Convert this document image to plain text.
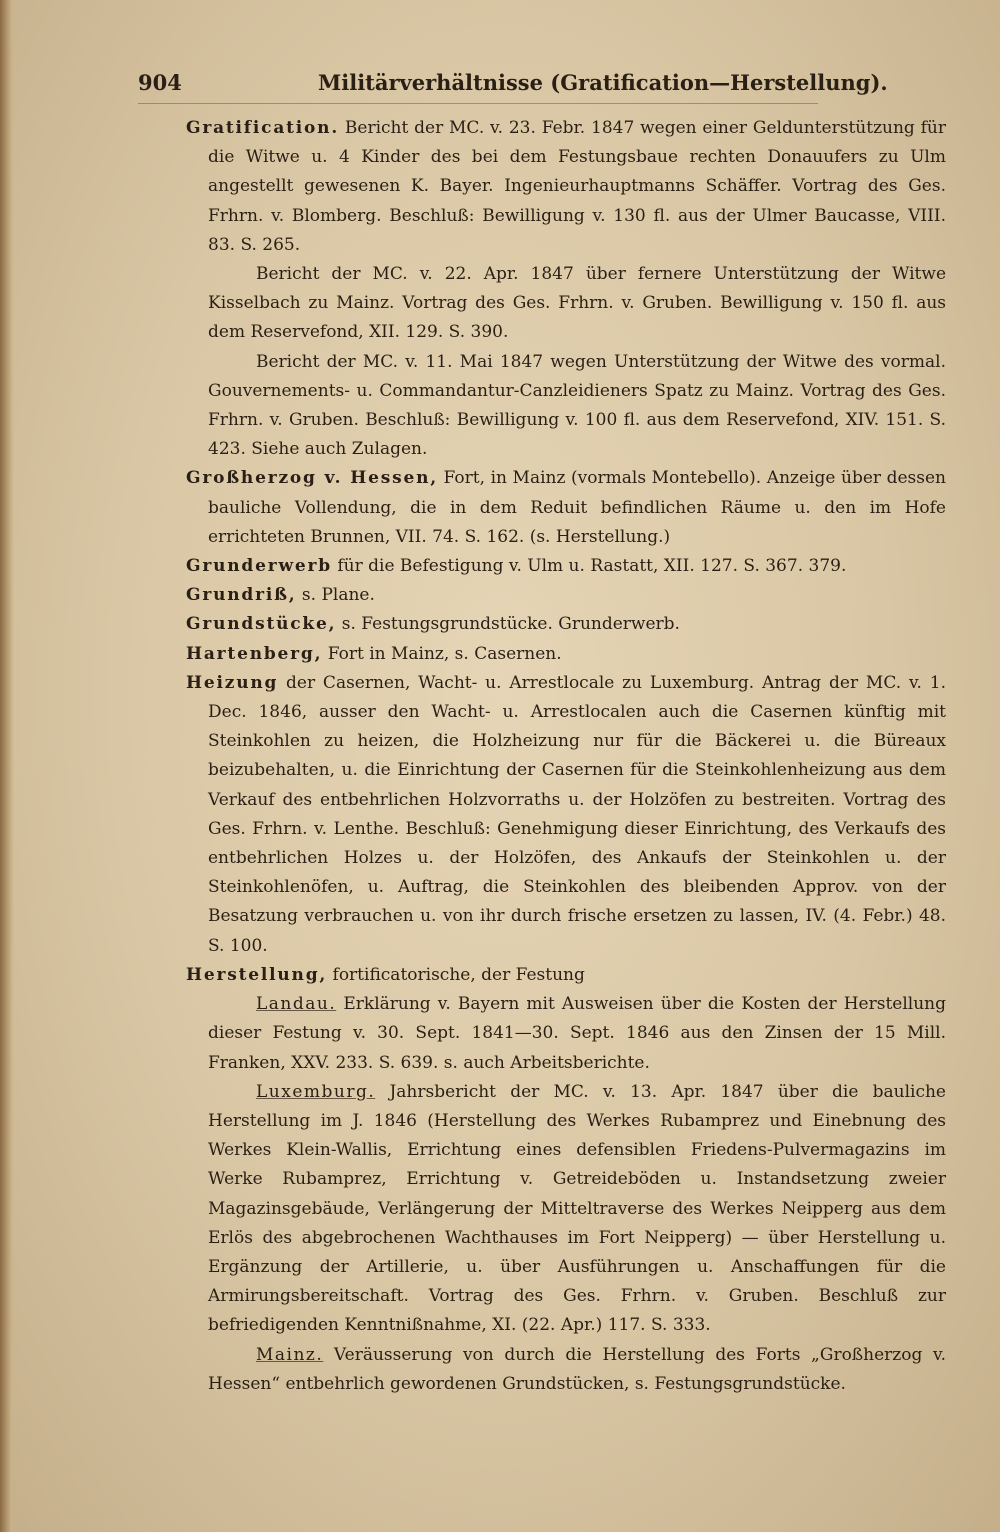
904	Militärverhältnisse (Gratification—Herstellung).

Gratification. Bericht der MC. v. 23. Febr. 1847 wegen einer Geldunterstützung für die Witwe u. 4 Kinder des bei dem Festungsbaue rechten Donauufers zu Ulm angestellt gewesenen K. Bayer. Ingenieurhauptmanns Schäffer. Vortrag des Ges. Frhrn. v. Blomberg. Beschluß: Bewilligung v. 130 fl. aus der Ulmer Baucasse, VIII. 83. S. 265.

Bericht der MC. v. 22. Apr. 1847 über fernere Unterstützung der Witwe Kisselbach zu Mainz. Vortrag des Ges. Frhrn. v. Gruben. Bewilligung v. 150 fl. aus dem Reservefond, XII. 129. S. 390.

Bericht der MC. v. 11. Mai 1847 wegen Unterstützung der Witwe des vormal. Gouvernements- u. Commandantur-Canzleidieners Spatz zu Mainz. Vortrag des Ges. Frhrn. v. Gruben. Beschluß: Bewilligung v. 100 fl. aus dem Reservefond, XIV. 151. S. 423. Siehe auch Zulagen.

Großherzog v. Hessen, Fort, in Mainz (vormals Montebello). Anzeige über dessen bauliche Vollendung, die in dem Reduit befindlichen Räume u. den im Hofe errichteten Brunnen, VII. 74. S. 162. (s. Herstellung.)

Grunderwerb für die Befestigung v. Ulm u. Rastatt, XII. 127. S. 367. 379.

Grundriß, s. Plane.

Grundstücke, s. Festungsgrundstücke. Grunderwerb.

Hartenberg, Fort in Mainz, s. Casernen.

Heizung der Casernen, Wacht- u. Arrestlocale zu Luxemburg. Antrag der MC. v. 1. Dec. 1846, ausser den Wacht- u. Arrestlocalen auch die Casernen künftig mit Steinkohlen zu heizen, die Holzheizung nur für die Bäckerei u. die Büreaux beizubehalten, u. die Einrichtung der Casernen für die Steinkohlenheizung aus dem Verkauf des entbehrlichen Holzvorraths u. der Holzöfen zu bestreiten. Vortrag des Ges. Frhrn. v. Lenthe. Beschluß: Genehmigung dieser Einrichtung, des Verkaufs des entbehrlichen Holzes u. der Holzöfen, des Ankaufs der Steinkohlen u. der Steinkohlenöfen, u. Auftrag, die Steinkohlen des bleibenden Approv. von der Besatzung verbrauchen u. von ihr durch frische ersetzen zu lassen, IV. (4. Febr.) 48. S. 100.

Herstellung, fortificatorische, der Festung

Landau. Erklärung v. Bayern mit Ausweisen über die Kosten der Herstellung dieser Festung v. 30. Sept. 1841—30. Sept. 1846 aus den Zinsen der 15 Mill. Franken, XXV. 233. S. 639. s. auch Arbeitsberichte.

Luxemburg. Jahrsbericht der MC. v. 13. Apr. 1847 über die bauliche Herstellung im J. 1846 (Herstellung des Werkes Rubamprez und Einebnung des Werkes Klein-Wallis, Errichtung eines defensiblen Friedens-Pulvermagazins im Werke Rubamprez, Errichtung v. Getreideböden u. Instandsetzung zweier Magazinsgebäude, Verlängerung der Mitteltraverse des Werkes Neipperg aus dem Erlös des abgebrochenen Wachthauses im Fort Neipperg) — über Herstellung u. Ergänzung der Artillerie, u. über Ausführungen u. Anschaffungen für die Armirungsbereitschaft. Vortrag des Ges. Frhrn. v. Gruben. Beschluß zur befriedigenden Kenntnißnahme, XI. (22. Apr.) 117. S. 333.

Mainz. Veräusserung von durch die Herstellung des Forts „Großherzog v. Hessen“ entbehrlich gewordenen Grundstücken, s. Festungsgrundstücke.
